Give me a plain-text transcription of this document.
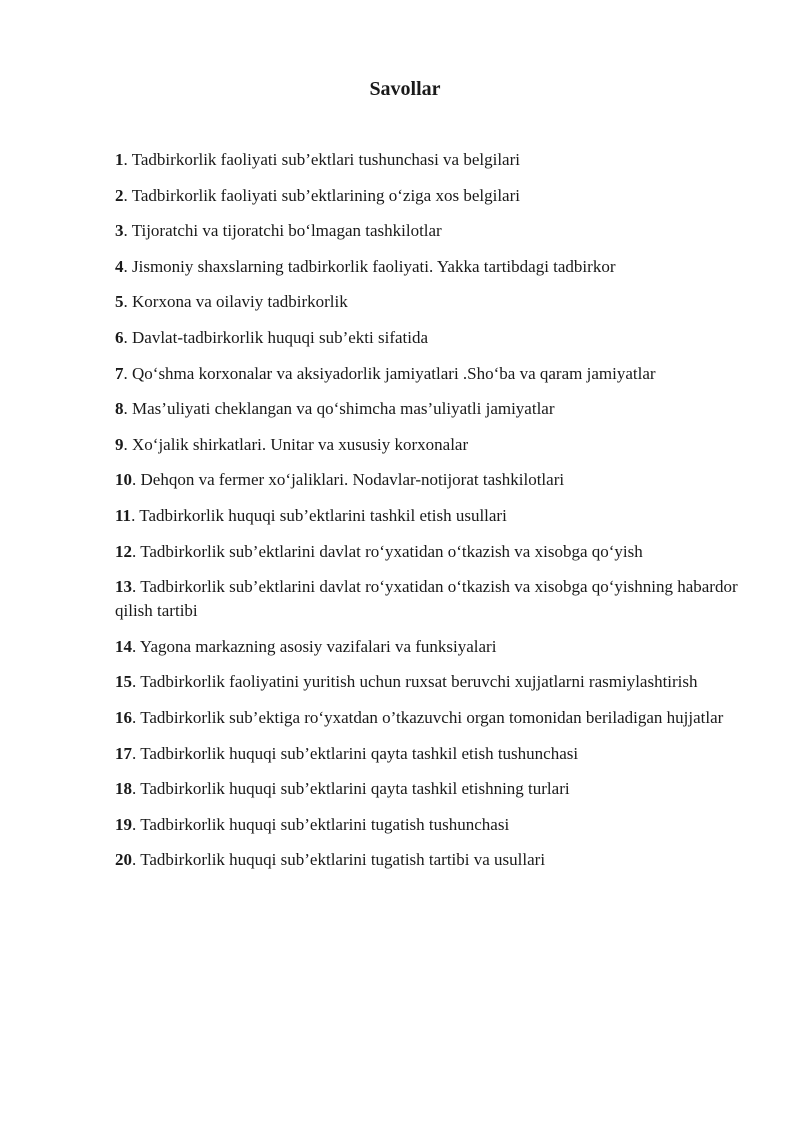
Savollar
1. Tadbirkorlik faoliyati sub’ektlari tushunchasi va belgilari
2. Tadbirkorlik faoliyati sub’ektlarining o‘ziga xos belgilari
3. Tijoratchi va tijoratchi bo‘lmagan tashkilotlar
4. Jismoniy shaxslarning tadbirkorlik faoliyati. Yakka tartibdagi tadbirkor
5. Korxona va oilaviy tadbirkorlik
6. Davlat-tadbirkorlik huquqi sub’ekti sifatida
7. Qo‘shma korxonalar va aksiyadorlik jamiyatlari .Sho‘ba va qaram jamiyatlar
8. Mas’uliyati cheklangan va qo‘shimcha mas’uliyatli jamiyatlar
9. Xo‘jalik shirkatlari. Unitar va xususiy korxonalar
10. Dehqon va fermer xo‘jaliklari. Nodavlar-notijorat tashkilotlari
11. Tadbirkorlik huquqi sub’ektlarini tashkil etish usullari
12. Tadbirkorlik sub’ektlarini davlat ro‘yxatidan o‘tkazish va xisobga qo‘yish
13. Tadbirkorlik sub’ektlarini davlat ro‘yxatidan o‘tkazish va xisobga qo‘yishning habardor qilish tartibi
14. Yagona markazning asosiy vazifalari va funksiyalari
15. Tadbirkorlik faoliyatini yuritish uchun ruxsat beruvchi xujjatlarni rasmiylashtirish
16. Tadbirkorlik sub’ektiga ro‘yxatdan o’tkazuvchi organ tomonidan beriladigan hujjatlar
17. Tadbirkorlik huquqi sub’ektlarini qayta tashkil etish tushunchasi
18. Tadbirkorlik huquqi sub’ektlarini qayta tashkil etishning turlari
19. Tadbirkorlik huquqi sub’ektlarini tugatish tushunchasi
20. Tadbirkorlik huquqi sub’ektlarini tugatish tartibi va usullari
